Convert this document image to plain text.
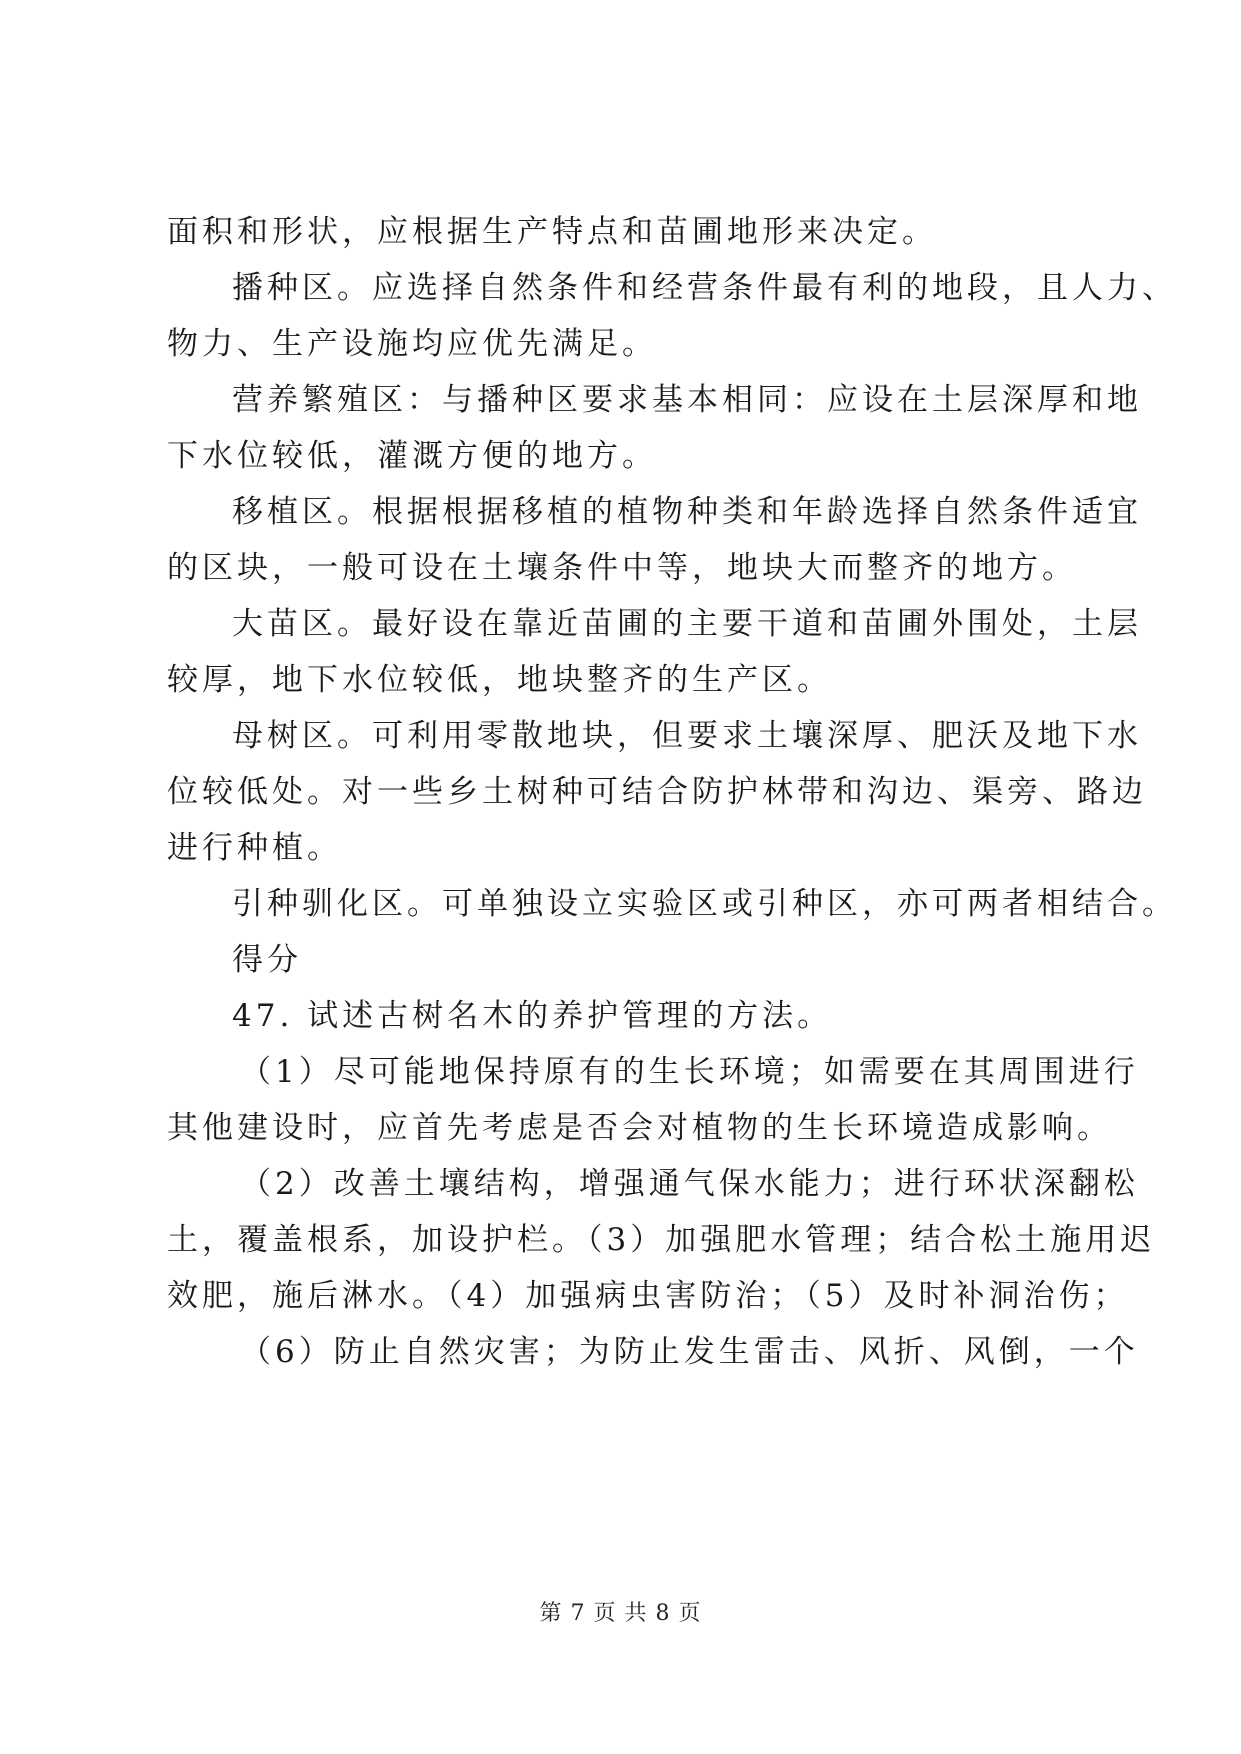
面积和形状，应根据生产特点和苗圃地形来决定。
播种区。应选择自然条件和经营条件最有利的地段，且人力、
物力、生产设施均应优先满足。
营养繁殖区：与播种区要求基本相同：应设在土层深厚和地
下水位较低，灌溉方便的地方。
移植区。根据根据移植的植物种类和年龄选择自然条件适宜
的区块，一般可设在土壤条件中等，地块大而整齐的地方。
大苗区。最好设在靠近苗圃的主要干道和苗圃外围处，土层
较厚，地下水位较低，地块整齐的生产区。
母树区。可利用零散地块，但要求土壤深厚、肥沃及地下水
位较低处。对一些乡土树种可结合防护林带和沟边、渠旁、路边
进行种植。
引种驯化区。可单独设立实验区或引种区，亦可两者相结合。
得分
47. 试述古树名木的养护管理的方法。
（1）尽可能地保持原有的生长环境；如需要在其周围进行
其他建设时，应首先考虑是否会对植物的生长环境造成影响。
（2）改善土壤结构，增强通气保水能力；进行环状深翻松
土，覆盖根系，加设护栏。（3）加强肥水管理；结合松土施用迟
效肥，施后淋水。（4）加强病虫害防治；（5）及时补洞治伤；
（6）防止自然灾害；为防止发生雷击、风折、风倒，一个
第 7 页 共 8 页
